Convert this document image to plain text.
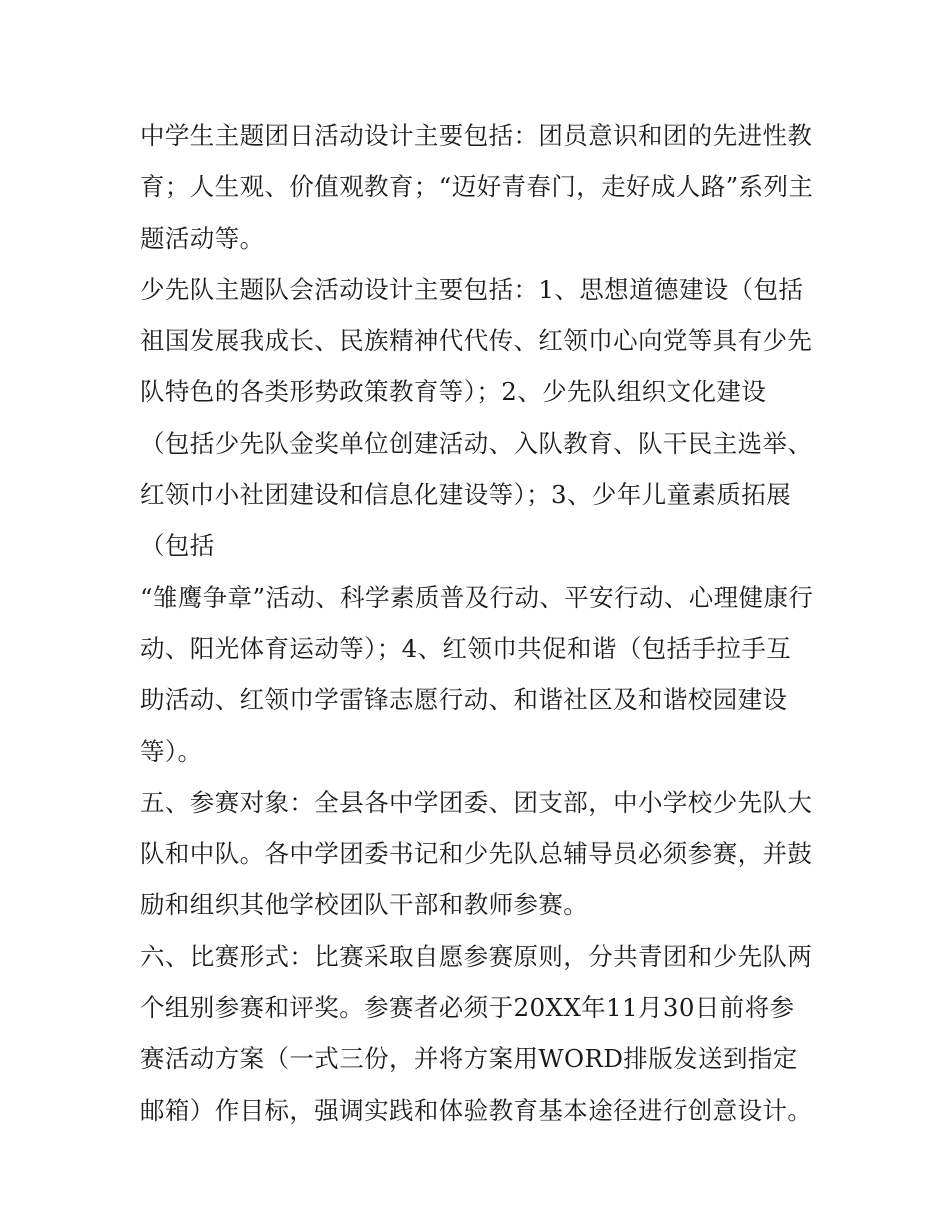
中学生主题团日活动设计主要包括：团员意识和团的先进性教
育；人生观、价值观教育；“迈好青春门，走好成人路”系列主
题活动等。
少先队主题队会活动设计主要包括：1、思想道德建设（包括
祖国发展我成长、民族精神代代传、红领巾心向党等具有少先
队特色的各类形势政策教育等）；2、少先队组织文化建设
（包括少先队金奖单位创建活动、入队教育、队干民主选举、
红领巾小社团建设和信息化建设等）；3、少年儿童素质拓展
（包括
“雏鹰争章”活动、科学素质普及行动、平安行动、心理健康行
动、阳光体育运动等）；4、红领巾共促和谐（包括手拉手互
助活动、红领巾学雷锋志愿行动、和谐社区及和谐校园建设
等）。
五、参赛对象：全县各中学团委、团支部，中小学校少先队大
队和中队。各中学团委书记和少先队总辅导员必须参赛，并鼓
励和组织其他学校团队干部和教师参赛。
六、比赛形式：比赛采取自愿参赛原则，分共青团和少先队两
个组别参赛和评奖。参赛者必须于20XX年11月30日前将参
赛活动方案（一式三份，并将方案用WORD排版发送到指定
邮箱）作目标，强调实践和体验教育基本途径进行创意设计。
